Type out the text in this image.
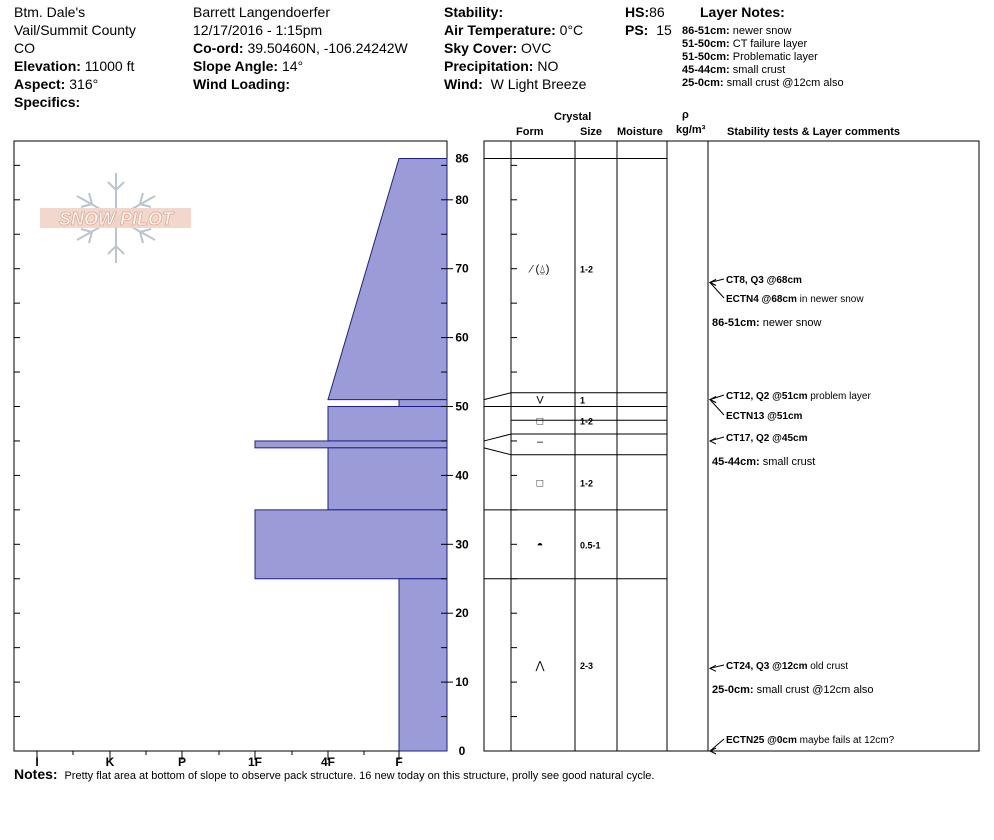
Btm. Dale's
Vail/Summit County
CO
Elevation: 11000 ft
Aspect: 316°
Specifics:
Barrett Langendoerfer
12/17/2016 - 1:15pm
Co-ord: 39.50460N, -106.24242W
Slope Angle: 14°
Wind Loading:
Stability:
Air Temperature: 0°C
Sky Cover: OVC
Precipitation: NO
Wind: W Light Breeze
HS:86
PS: 15
Layer Notes:
86-51cm: newer snow
51-50cm: CT failure layer
51-50cm: Problematic layer
45-44cm: small crust
25-0cm: small crust @12cm also
Crystal
Form	Size Moisture
ρ
kg/m³ Stability tests & Layer comments
SNOW PILOT
I	K	P	1F	4F	F
0
10
20
30
40
50
60
70
80
86
⁄ (⍙)	1-2
V	1
□	1-2
–
□	1-2
◓	0.5-1
⋀	2-3
CT8, Q3 @68cm
ECTN4 @68cm in newer snow
CT12, Q2 @51cm problem layer
ECTN13 @51cm
CT17, Q2 @45cm
CT24, Q3 @12cm old crust
ECTN25 @0cm maybe fails at 12cm?
86-51cm: newer snow
45-44cm: small crust
25-0cm: small crust @12cm also
Notes: Pretty flat area at bottom of slope to observe pack structure. 16 new today on this structure, prolly see good natural cycle.
